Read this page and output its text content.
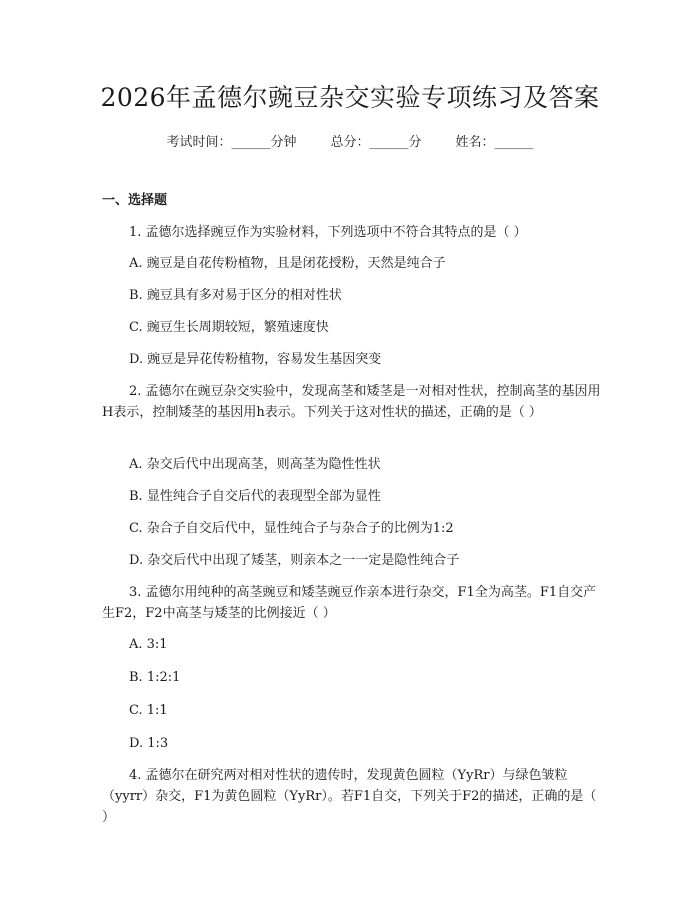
2026年孟德尔豌豆杂交实验专项练习及答案
考试时间：______分钟	总分：______分	姓名：______
一、选择题
1. 孟德尔选择豌豆作为实验材料，下列选项中不符合其特点的是（ ）
A. 豌豆是自花传粉植物，且是闭花授粉，天然是纯合子
B. 豌豆具有多对易于区分的相对性状
C. 豌豆生长周期较短，繁殖速度快
D. 豌豆是异花传粉植物，容易发生基因突变
2. 孟德尔在豌豆杂交实验中，发现高茎和矮茎是一对相对性状，控制高茎的基因用H表示，控制矮茎的基因用h表示。下列关于这对性状的描述，正确的是（ ）
A. 杂交后代中出现高茎，则高茎为隐性性状
B. 显性纯合子自交后代的表现型全部为显性
C. 杂合子自交后代中，显性纯合子与杂合子的比例为1:2
D. 杂交后代中出现了矮茎，则亲本之一一定是隐性纯合子
3. 孟德尔用纯种的高茎豌豆和矮茎豌豆作亲本进行杂交，F1全为高茎。F1自交产生F2，F2中高茎与矮茎的比例接近（ ）
A. 3:1
B. 1:2:1
C. 1:1
D. 1:3
4. 孟德尔在研究两对相对性状的遗传时，发现黄色圆粒（YyRr）与绿色皱粒（yyrr）杂交，F1为黄色圆粒（YyRr）。若F1自交，下列关于F2的描述，正确的是（ ）
